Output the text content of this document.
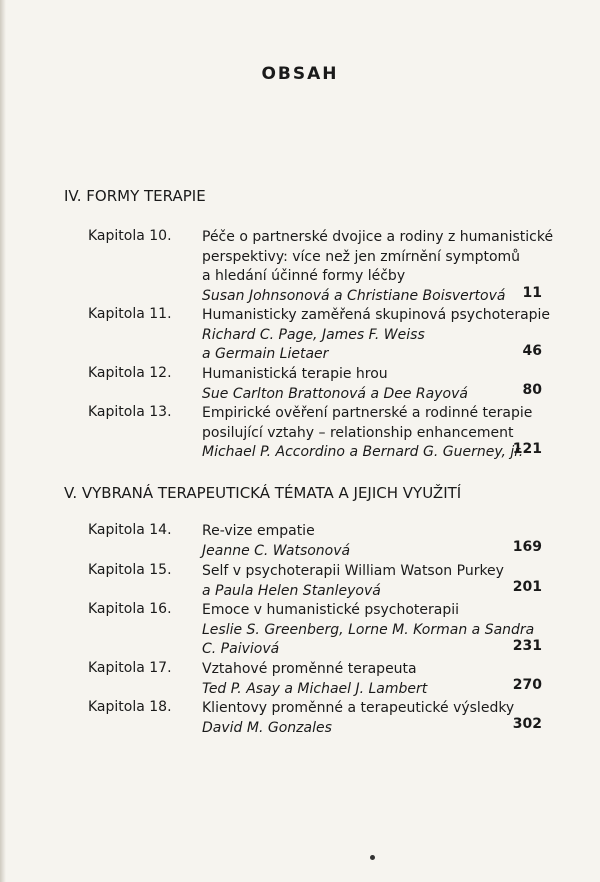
OBSAH
IV. FORMY TERAPIE
Kapitola 10. Péče o partnerské dvojice a rodiny z humanistické
perspektivy: více než jen zmírnění symptomů
a hledání účinné formy léčby
Susan Johnsonová a Christiane Boisvertová	11
Kapitola 11. Humanisticky zaměřená skupinová psychoterapie
Richard C. Page, James F. Weiss
a Germain Lietaer	46
Kapitola 12. Humanistická terapie hrou
Sue Carlton Brattonová a Dee Rayová	80
Kapitola 13. Empirické ověření partnerské a rodinné terapie
posilující vztahy – relationship enhancement
Michael P. Accordino a Bernard G. Guerney, jr.
121
V. VYBRANÁ TERAPEUTICKÁ TÉMATA A JEJICH VYUŽITÍ
Kapitola 14. Re-vize empatie
Jeanne C. Watsonová	169
Kapitola 15. Self v psychoterapii William Watson Purkey
a Paula Helen Stanleyová	201
Kapitola 16. Emoce v humanistické psychoterapii
Leslie S. Greenberg, Lorne M. Korman a Sandra
C. Paiviová	231
Kapitola 17. Vztahové proměnné terapeuta
Ted P. Asay a Michael J. Lambert	270
Kapitola 18. Klientovy proměnné a terapeutické výsledky
David M. Gonzales	302
